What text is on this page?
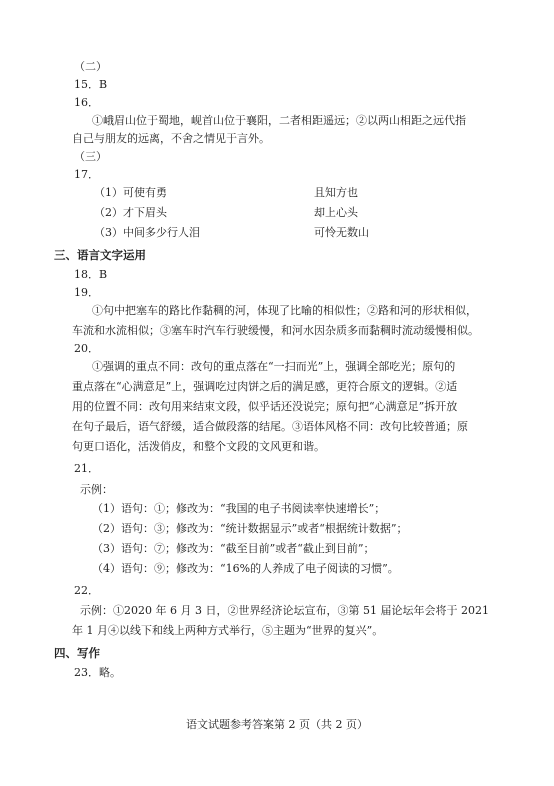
（二）
15．B
16．
①峨眉山位于蜀地，岘首山位于襄阳，二者相距遥远；②以两山相距之远代指
自己与朋友的远离，不舍之情见于言外。
（三）
17．
（1）可使有勇	且知方也
（2）才下眉头	却上心头
（3）中间多少行人泪	可怜无数山
三、语言文字运用
18．B
19．
①句中把塞车的路比作黏稠的河，体现了比喻的相似性；②路和河的形状相似，
车流和水流相似；③塞车时汽车行驶缓慢，和河水因杂质多而黏稠时流动缓慢相似。
20．
①强调的重点不同：改句的重点落在“一扫而光”上，强调全部吃光；原句的
重点落在“心满意足”上，强调吃过肉饼之后的满足感，更符合原文的逻辑。②适
用的位置不同：改句用来结束文段，似乎话还没说完；原句把“心满意足”拆开放
在句子最后，语气舒缓，适合做段落的结尾。③语体风格不同：改句比较普通；原
句更口语化，活泼俏皮，和整个文段的文风更和谐。
21．
示例：
（1）语句：①；修改为：“我国的电子书阅读率快速增长”；
（2）语句：③；修改为：“统计数据显示”或者“根据统计数据”；
（3）语句：⑦；修改为：“截至目前”或者“截止到目前”；
（4）语句：⑨；修改为：“16%的人养成了电子阅读的习惯”。
22．
示例：①2020 年 6 月 3 日，②世界经济论坛宣布，③第 51 届论坛年会将于 2021
年 1 月④以线下和线上两种方式举行，⑤主题为“世界的复兴”。
四、写作
23．略。
语文试题参考答案第 2 页（共 2 页）
